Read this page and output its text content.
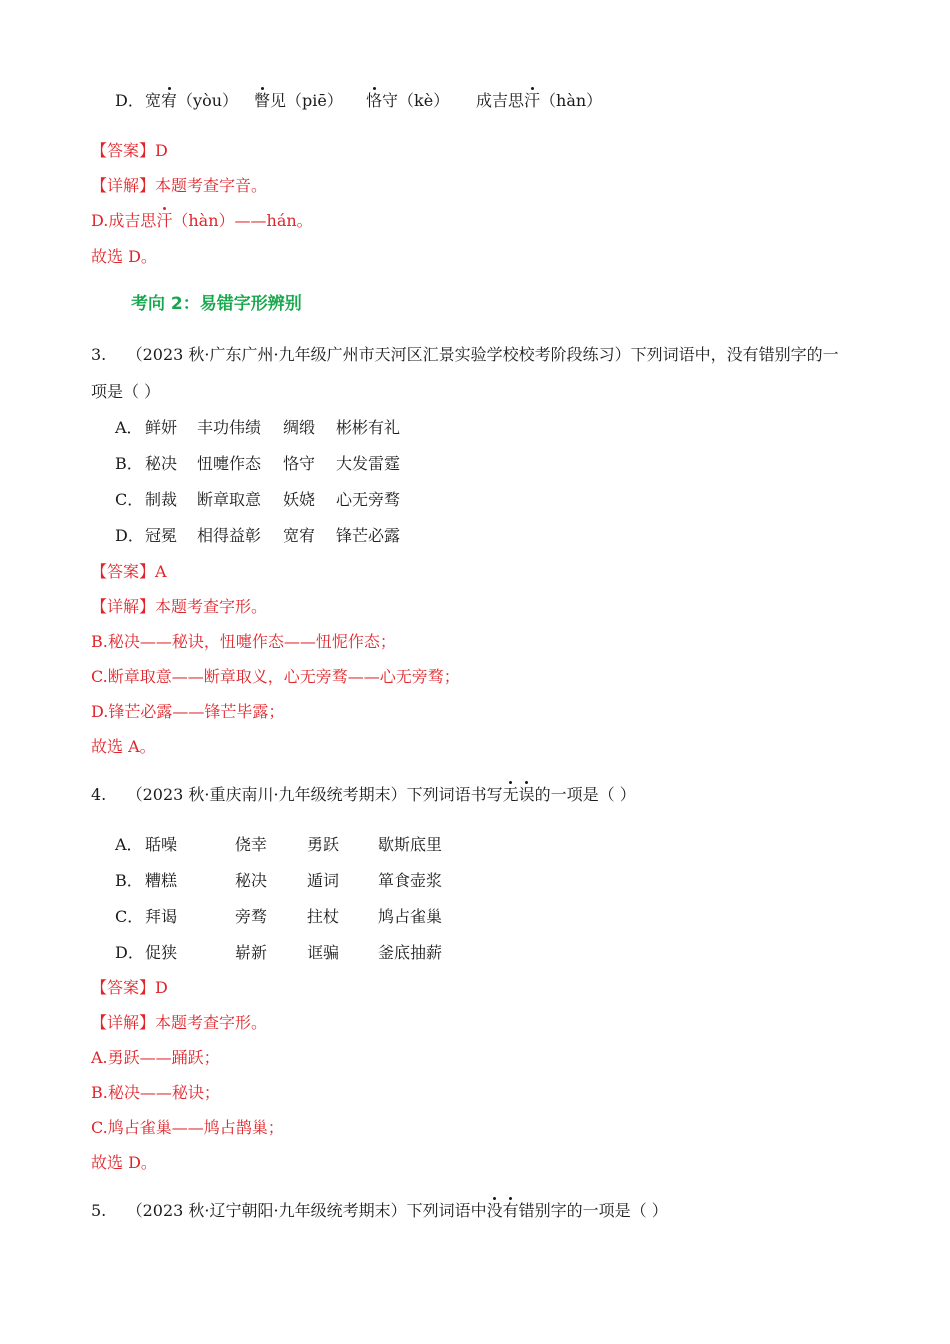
D． 宽宥（yòu） 瞥见（piē） 恪守（kè） 成吉思汗（hàn）
【答案】D
【详解】本题考查字音。
D.成吉思汗（hàn）——hán。
故选 D。
考向 2：易错字形辨别
3. （2023 秋·广东广州·九年级广州市天河区汇景实验学校校考阶段练习）下列词语中，没有错别字的一
项是（ ）
A． 鲜妍 丰功伟绩 绸缎 彬彬有礼
B． 秘决 忸嚏作态 恪守 大发雷霆
C． 制裁 断章取意 妖娆 心无旁骛
D． 冠冕 相得益彰 宽宥 锋芒必露
【答案】A
【详解】本题考查字形。
B.秘决——秘诀，忸嚏作态——忸怩作态；
C.断章取意——断章取义，心无旁骛——心无旁骛；
D.锋芒必露——锋芒毕露；
故选 A。
4. （2023 秋·重庆南川·九年级统考期末）下列词语书写无误的一项是（ ）
A． 聒噪	侥幸 勇跃 歇斯底里
B． 糟糕	秘决 遁词 箪食壶浆
C． 拜谒	旁骛 拄杖 鸠占雀巢
D． 促狭	崭新 诓骗 釜底抽薪
【答案】D
【详解】本题考查字形。
A.勇跃——踊跃；
B.秘决——秘诀；
C.鸠占雀巢——鸠占鹊巢；
故选 D。
5. （2023 秋·辽宁朝阳·九年级统考期末）下列词语中没有错别字的一项是（ ）
